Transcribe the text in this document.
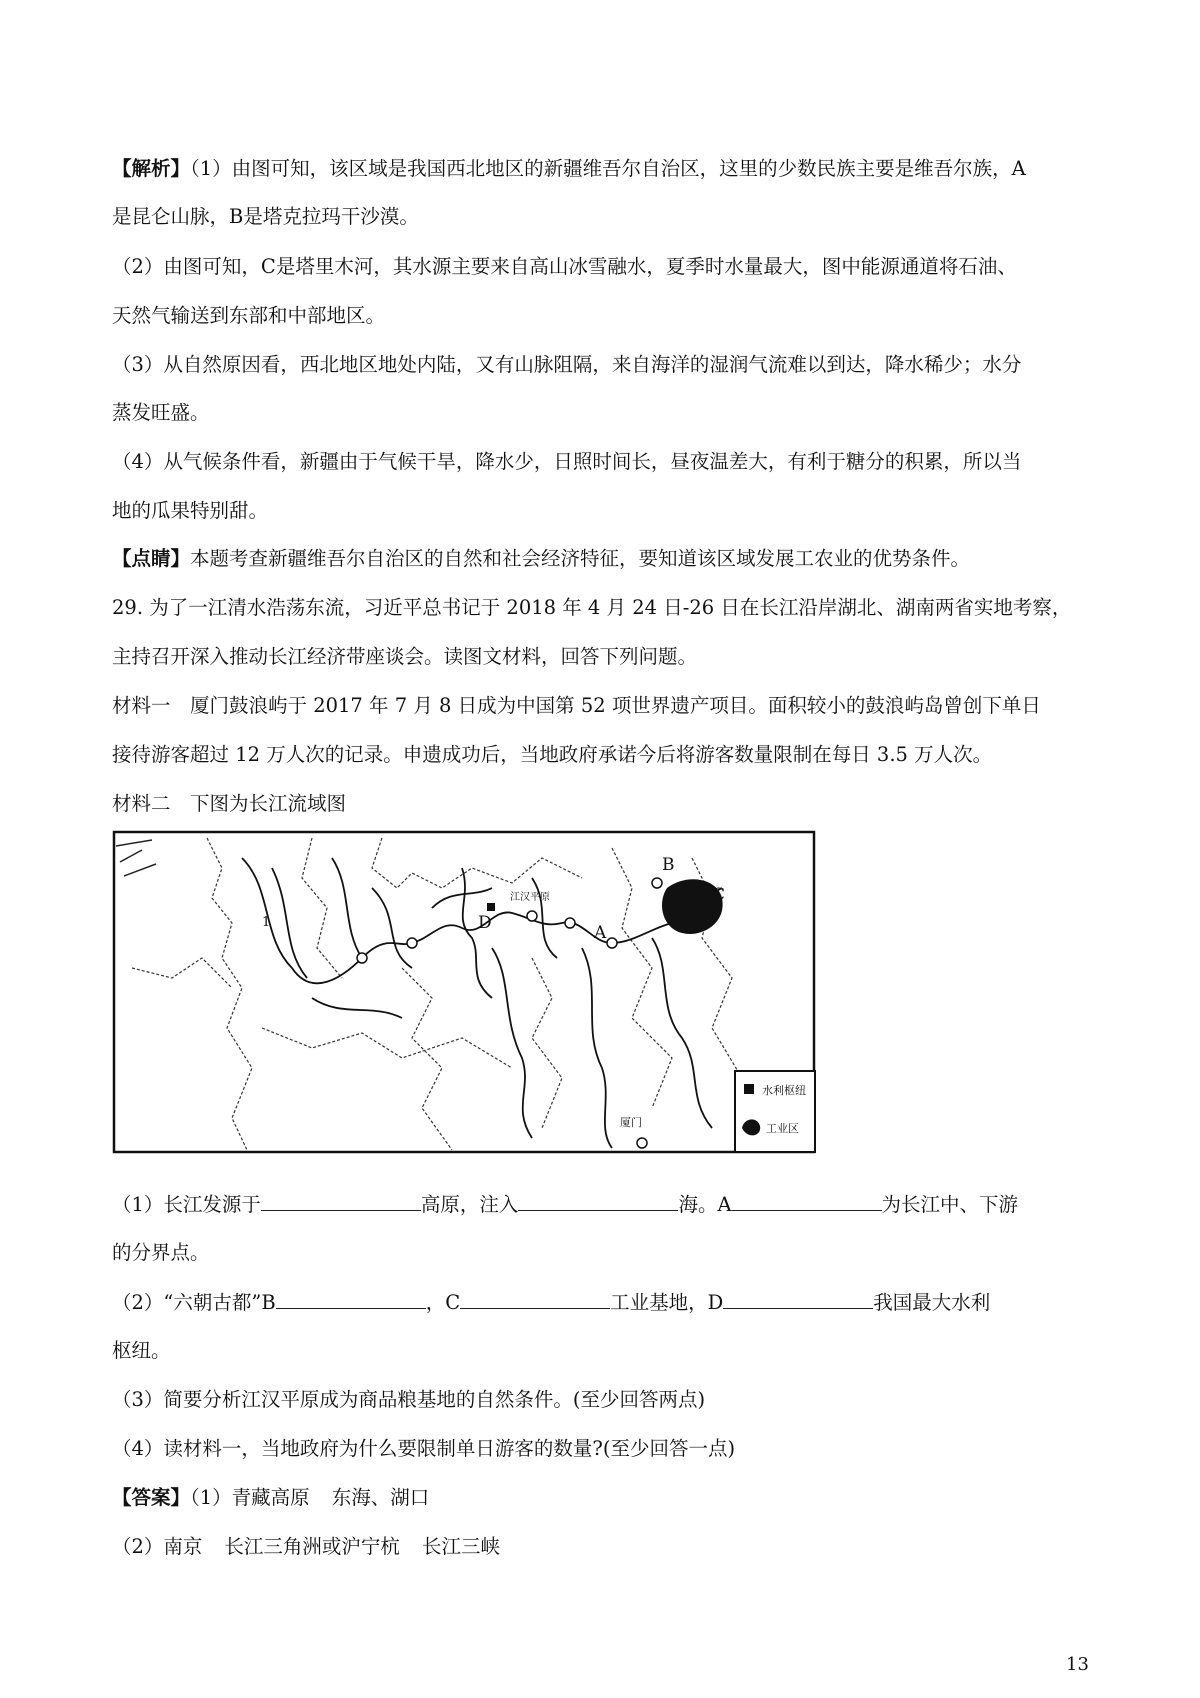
【解析】（1）由图可知，该区域是我国西北地区的新疆维吾尔自治区，这里的少数民族主要是维吾尔族，A
是昆仑山脉，B是塔克拉玛干沙漠。
（2）由图可知，C是塔里木河，其水源主要来自高山冰雪融水，夏季时水量最大，图中能源通道将石油、
天然气输送到东部和中部地区。
（3）从自然原因看，西北地区地处内陆，又有山脉阻隔，来自海洋的湿润气流难以到达，降水稀少；水分
蒸发旺盛。
（4）从气候条件看，新疆由于气候干旱，降水少，日照时间长，昼夜温差大，有利于糖分的积累，所以当
地的瓜果特别甜。
【点睛】本题考查新疆维吾尔自治区的自然和社会经济特征，要知道该区域发展工农业的优势条件。
29. 为了一江清水浩荡东流，习近平总书记于 2018 年 4 月 24 日-26 日在长江沿岸湖北、湖南两省实地考察，
主持召开深入推动长江经济带座谈会。读图文材料，回答下列问题。
材料一　厦门鼓浪屿于 2017 年 7 月 8 日成为中国第 52 项世界遗产项目。面积较小的鼓浪屿岛曾创下单日
接待游客超过 12 万人次的记录。申遗成功后，当地政府承诺今后将游客数量限制在每日 3.5 万人次。
材料二　下图为长江流域图
B
C
A
D
1
江汉平原
厦门
水利枢纽
工业区
（1）长江发源于	高原，注入	海。A	为长江中、下游
的分界点。
（2）“六朝古都”B	，C	工业基地，D	我国最大水利
枢纽。
（3）简要分析江汉平原成为商品粮基地的自然条件。(至少回答两点)
（4）读材料一，当地政府为什么要限制单日游客的数量?(至少回答一点)
【答案】（1）青藏高原 东海、湖口
（2）南京 长江三角洲或沪宁杭 长江三峡
13
